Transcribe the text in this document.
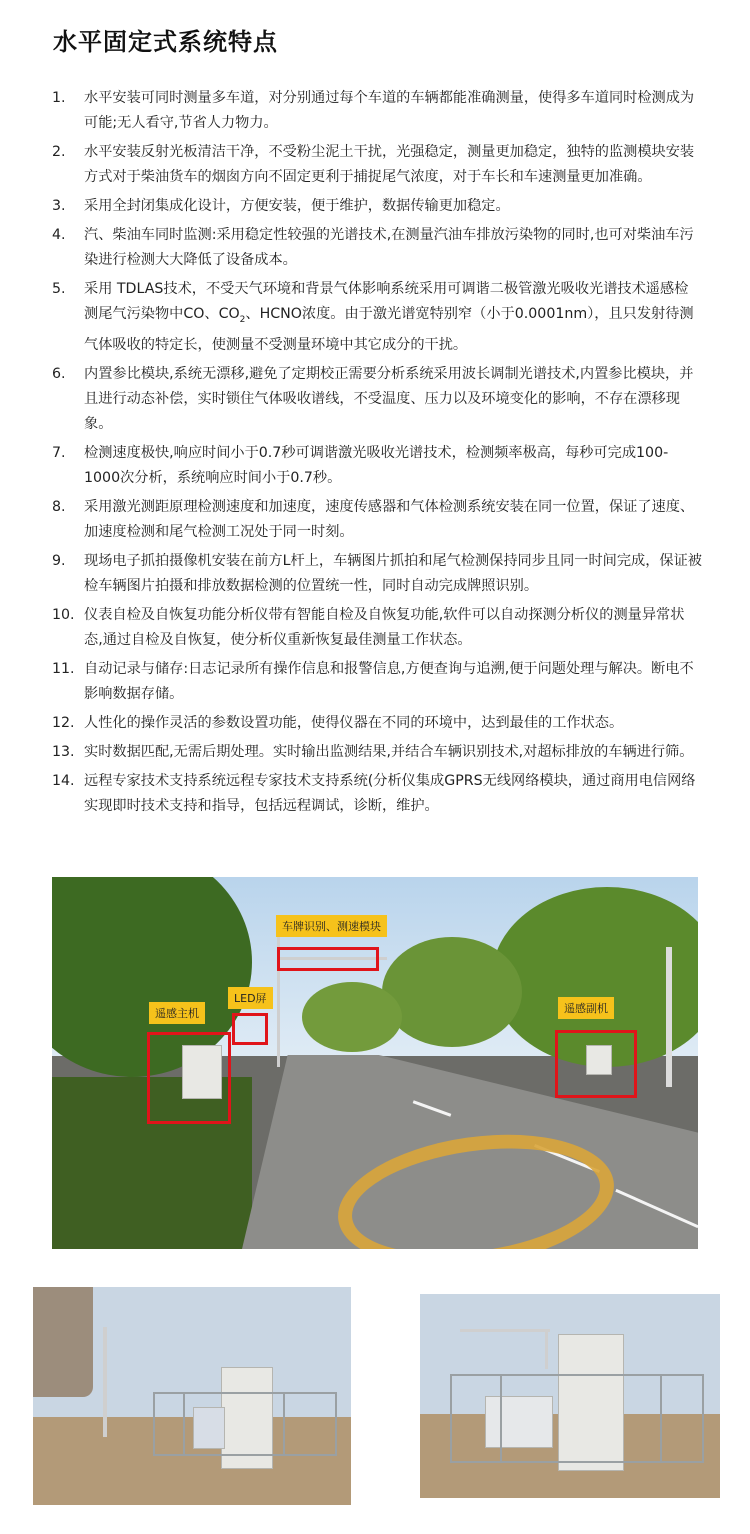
水平固定式系统特点
1.	水平安装可同时测量多车道，对分别通过每个车道的车辆都能准确测量，使得多车道同时检测成为可能;无人看守,节省人力物力。
2.	水平安装反射光板清洁干净，不受粉尘泥土干扰，光强稳定，测量更加稳定，独特的监测模块安装方式对于柴油货车的烟囱方向不固定更利于捕捉尾气浓度，对于车长和车速测量更加准确。
3.	采用全封闭集成化设计，方便安装，便于维护，数据传输更加稳定。
4.	汽、柴油车同时监测:采用稳定性较强的光谱技术,在测量汽油车排放污染物的同时,也可对柴油车污染进行检测大大降低了设备成本。
5.	采用 TDLAS技术，不受天气环境和背景气体影响系统采用可调谐二极管激光吸收光谱技术遥感检测尾气污染物中CO、$CO_2$、HCNO浓度。由于激光谱宽特别窄（小于0.0001nm），且只发射待测气体吸收的特定长，使测量不受测量环境中其它成分的干扰。
6.	内置参比模块,系统无漂移,避免了定期校正需要分析系统采用波长调制光谱技术,内置参比模块，并且进行动态补偿，实时锁住气体吸收谱线，不受温度、压力以及环境变化的影响，不存在漂移现象。
7.	检测速度极快,响应时间小于0.7秒可调谐激光吸收光谱技术，检测频率极高，每秒可完成100-1000次分析，系统响应时间小于0.7秒。
8.	采用激光测距原理检测速度和加速度，速度传感器和气体检测系统安装在同一位置，保证了速度、加速度检测和尾气检测工况处于同一时刻。
9.	现场电子抓拍摄像机安装在前方L杆上，车辆图片抓拍和尾气检测保持同步且同一时间完成，保证被检车辆图片拍摄和排放数据检测的位置统一性，同时自动完成牌照识别。
10. 仪表自检及自恢复功能分析仪带有智能自检及自恢复功能,软件可以自动探测分析仪的测量异常状态,通过自检及自恢复，使分析仪重新恢复最佳测量工作状态。
11. 自动记录与储存:日志记录所有操作信息和报警信息,方便查询与追溯,便于问题处理与解决。断电不影响数据存储。
12. 人性化的操作灵活的参数设置功能，使得仪器在不同的环境中，达到最佳的工作状态。
13. 实时数据匹配,无需后期处理。实时输出监测结果,并结合车辆识别技术,对超标排放的车辆进行筛。
14. 远程专家技术支持系统远程专家技术支持系统(分析仪集成GPRS无线网络模块，通过商用电信网络实现即时技术支持和指导，包括远程调试，诊断，维护。
车牌识别、测速模块
LED屏
遥感主机	遥感副机
